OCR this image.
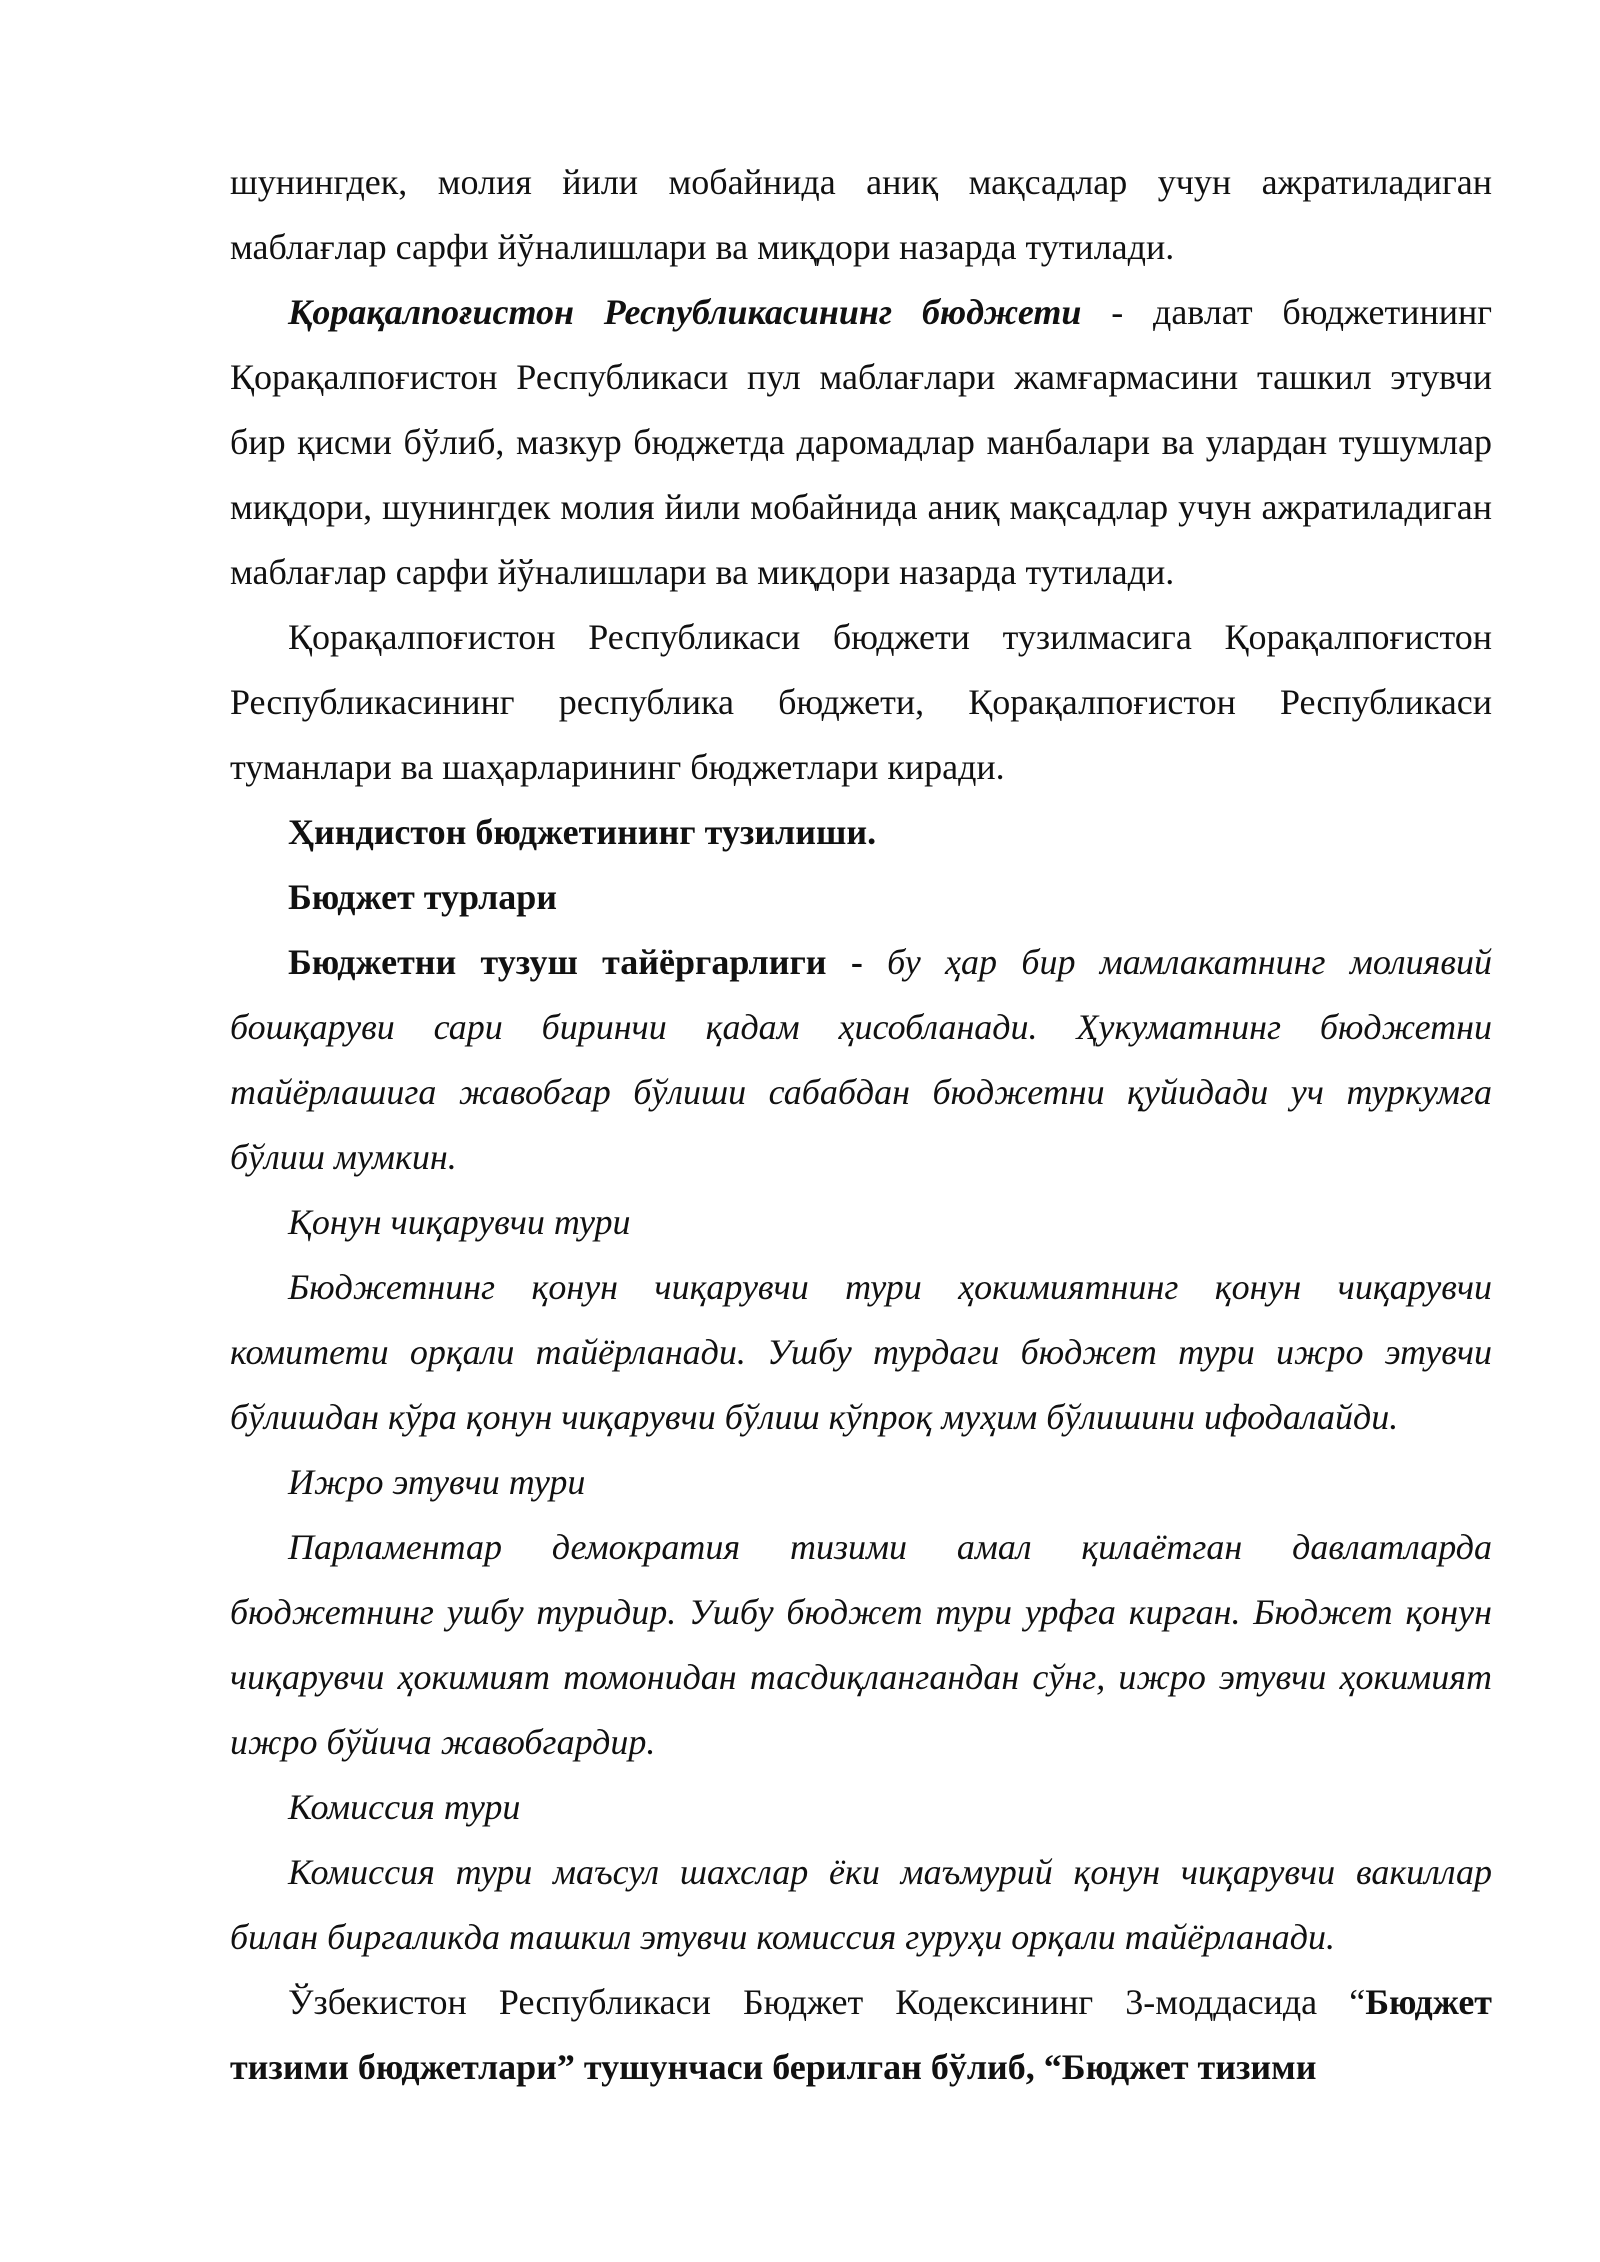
шунингдек, молия йили мобайнида аниқ мақсадлар учун ажратиладиган маблағлар сарфи йўналишлари ва миқдори назарда тутилади.

Қорақалпоғистон Республикасининг бюджети - давлат бюджетининг Қорақалпоғистон Республикаси пул маблағлари жамғармасини ташкил этувчи бир қисми бўлиб, мазкур бюджетда даромадлар манбалари ва улардан тушумлар миқдори, шунингдек молия йили мобайнида аниқ мақсадлар учун ажратиладиган маблағлар сарфи йўналишлари ва миқдори назарда тутилади.

Қорақалпоғистон Республикаси бюджети тузилмасига Қорақалпоғистон Республикасининг республика бюджети, Қорақалпоғистон Республикаси туманлари ва шаҳарларининг бюджетлари киради.

Ҳиндистон бюджетининг тузилиши.

Бюджет турлари

Бюджетни тузуш тайёргарлиги - бу ҳар бир мамлакатнинг молиявий бошқаруви сари биринчи қадам ҳисобланади. Ҳукуматнинг бюджетни тайёрлашига жавобгар бўлиши сабабдан бюджетни қуйидади уч туркумга бўлиш мумкин.

Қонун чиқарувчи тури

Бюджетнинг қонун чиқарувчи тури ҳокимиятнинг қонун чиқарувчи комитети орқали тайёрланади. Ушбу турдаги бюджет тури ижро этувчи бўлишдан кўра қонун чиқарувчи бўлиш кўпроқ муҳим бўлишини ифодалайди.

Ижро этувчи тури

Парламентар демократия тизими амал қилаётган давлатларда бюджетнинг ушбу туридир. Ушбу бюджет тури урфга кирган. Бюджет қонун чиқарувчи ҳокимият томонидан тасдиқлангандан сўнг, ижро этувчи ҳокимият ижро бўйича жавобгардир.

Комиссия тури

Комиссия тури маъсул шахслар ёки маъмурий қонун чиқарувчи вакиллар билан биргаликда ташкил этувчи комиссия гуруҳи орқали тайёрланади.

Ўзбекистон Республикаси Бюджет Кодексининг 3-моддасида “Бюджет тизими бюджетлари” тушунчаси берилган бўлиб, “Бюджет тизими
